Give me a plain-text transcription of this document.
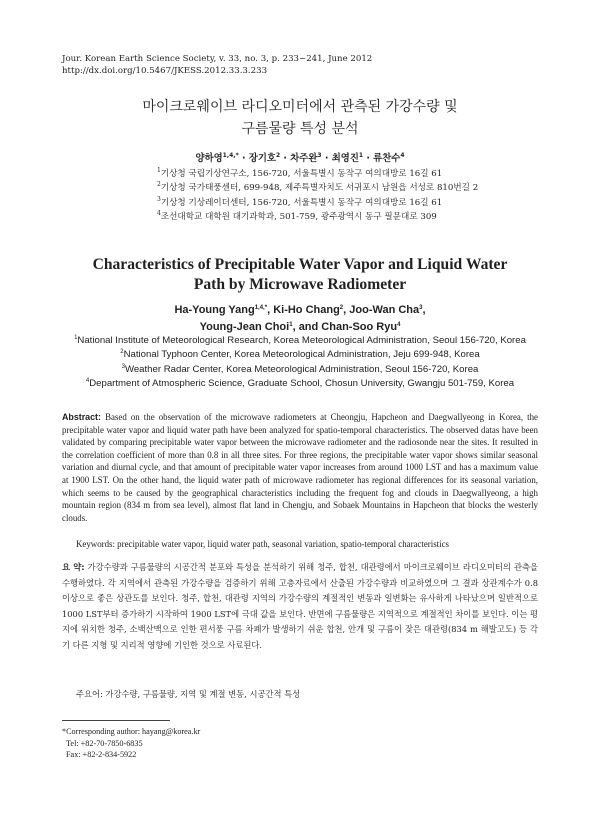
Jour. Korean Earth Science Society, v. 33, no. 3, p. 233−241, June 2012
http://dx.doi.org/10.5467/JKESS.2012.33.3.233
마이크로웨이브 라디오미터에서 관측된 가강수량 및
구름물량 특성 분석
양하영$^{1,4,*}$ · 장기호$^2$ · 차주완$^3$ · 최영진$^1$ · 류찬수$^4$
$^1$기상청 국립기상연구소, 156-720, 서울특별시 동작구 여의대방로 16길 61
$^2$기상청 국가태풍센터, 699-948, 제주특별자치도 서귀포시 남원읍 서성로 810번길 2
$^3$기상청 기상레이더센터, 156-720, 서울특별시 동작구 여의대방로 16길 61
$^4$조선대학교 대학원 대기과학과, 501-759, 광주광역시 동구 필문대로 309
Characteristics of Precipitable Water Vapor and Liquid Water
Path by Microwave Radiometer
Ha-Young Yang$^{1,4,*}$, Ki-Ho Chang$^2$, Joo-Wan Cha$^3$,
Young-Jean Choi$^1$, and Chan-Soo Ryu$^4$
$^1$National Institute of Meteorological Research, Korea Meteorological Administration, Seoul 156-720, Korea
$^2$National Typhoon Center, Korea Meteorological Administration, Jeju 699-948, Korea
$^3$Weather Radar Center, Korea Meteorological Administration, Seoul 156-720, Korea
$^4$Department of Atmospheric Science, Graduate School, Chosun University, Gwangju 501-759, Korea
Abstract: Based on the observation of the microwave radiometers at Cheongju, Hapcheon and Daegwallyeong in Korea, the precipitable water vapor and liquid water path have been analyzed for spatio-temporal characteristics. The observed datas have been validated by comparing precipitable water vapor between the microwave radiometer and the radiosonde near the sites. It resulted in the correlation coefficient of more than 0.8 in all three sites. For three regions, the precipitable water vapor shows similar seasonal variation and diurnal cycle, and that amount of precipitable water vapor increases from around 1000 LST and has a maximum value at 1900 LST. On the other hand, the liquid water path of microwave radiometer has regional differences for its seasonal variation, which seems to be caused by the geographical characteristics including the frequent fog and clouds in Daegwallyeong, a high mountain region (834 m from sea level), almost flat land in Chengju, and Sobaek Mountains in Hapcheon that blocks the westerly clouds.
Keywords: precipitable water vapor, liquid water path, seasonal variation, spatio-temporal characteristics
요 약: 가강수량과 구름물량의 시공간적 분포와 특성을 분석하기 위해 청주, 합천, 대관령에서 마이크로웨이브 라디오미터의 관측을 수행하였다. 각 지역에서 관측된 가강수량을 검증하기 위해 고층자료에서 산출된 가강수량과 비교하였으며 그 결과 상관계수가 0.8 이상으로 좋은 상관도를 보인다. 청주, 합천, 대관령 지역의 가강수량의 계절적인 변동과 일변화는 유사하게 나타났으며 일반적으로 1000 LST부터 증가하기 시작하여 1900 LST에 극대 값을 보인다. 반면에 구름물량은 지역적으로 계절적인 차이를 보인다. 이는 평지에 위치한 청주, 소백산맥으로 인한 편서풍 구름 차폐가 발생하기 쉬운 합천, 안개 및 구름이 잦은 대관령(834 m 해발고도) 등 각기 다른 지형 및 지리적 영향에 기인한 것으로 사료된다.
주요어: 가강수량, 구름물량, 지역 및 계절 변동, 시공간적 특성
*Corresponding author: hayang@korea.kr
Tel: +82-70-7850-6835
Fax: +82-2-834-5922
